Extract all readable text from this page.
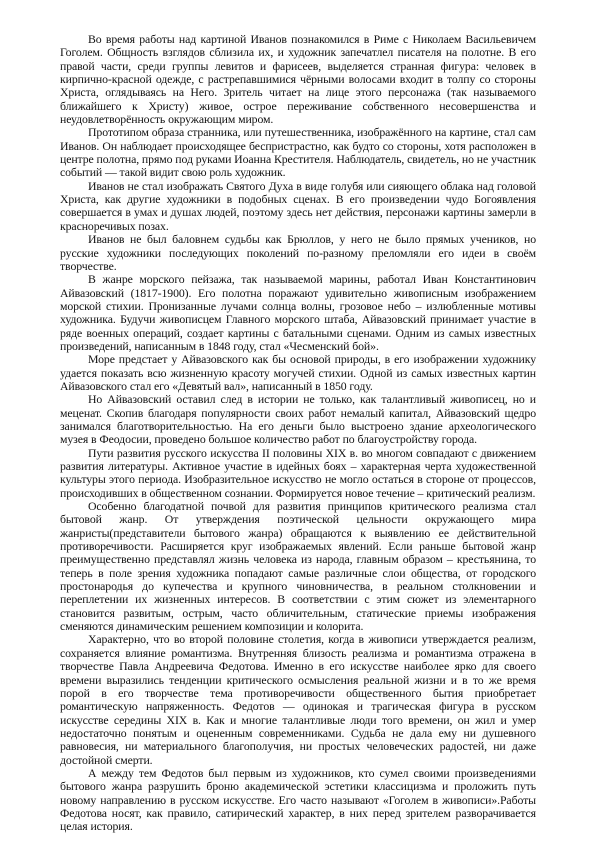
Во время работы над картиной Иванов познакомился в Риме с Николаем Васильевичем Гоголем. Общность взглядов сблизила их, и художник запечатлел писателя на полотне. В его правой части, среди группы левитов и фарисеев, выделяется странная фигура: человек в кирпично-красной одежде, с растрепавшимися чёрными волосами входит в толпу со стороны Христа, оглядываясь на Него. Зритель читает на лице этого персонажа (так называемого ближайшего к Христу) живое, острое переживание собственного несовершенства и неудовлетворённость окружающим миром.

Прототипом образа странника, или путешественника, изображённого на картине, стал сам Иванов. Он наблюдает происходящее беспристрастно, как будто со стороны, хотя расположен в центре полотна, прямо под руками Иоанна Крестителя. Наблюдатель, свидетель, но не участник событий — такой видит свою роль художник.

Иванов не стал изображать Святого Духа в виде голубя или сияющего облака над головой Христа, как другие художники в подобных сценах. В его произведении чудо Богоявления совершается в умах и душах людей, поэтому здесь нет действия, персонажи картины замерли в красноречивых позах.

Иванов не был баловнем судьбы как Брюллов, у него не было прямых учеников, но русские художники последующих поколений по-разному преломляли его идеи в своём творчестве.

В жанре морского пейзажа, так называемой марины, работал Иван Константинович Айвазовский (1817-1900). Его полотна поражают удивительно живописным изображением морской стихии. Пронизанные лучами солнца волны, грозовое небо – излюбленные мотивы художника. Будучи живописцем Главного морского штаба, Айвазовский принимает участие в ряде военных операций, создает картины с батальными сценами. Одним из самых известных произведений, написанным в 1848 году, стал «Чесменский бой».

Море предстает у Айвазовского как бы основой природы, в его изображении художнику удается показать всю жизненную красоту могучей стихии. Одной из самых известных картин Айвазовского стал его «Девятый вал», написанный в 1850 году.

Но Айвазовский оставил след в истории не только, как талантливый живописец, но и меценат. Скопив благодаря популярности своих работ немалый капитал, Айвазовский щедро занимался благотворительностью. На его деньги было выстроено здание археологического музея в Феодосии, проведено большое количество работ по благоустройству города.

Пути развития русского искусства II половины XIX в. во многом совпадают с движением развития литературы. Активное участие в идейных боях – характерная черта художественной культуры этого периода. Изобразительное искусство не могло остаться в стороне от процессов, происходивших в общественном сознании. Формируется новое течение – критический реализм.

Особенно благодатной почвой для развития принципов критического реализма стал бытовой жанр. От утверждения поэтической цельности окружающего мира жанристы(представители бытового жанра) обращаются к выявлению ее действительной противоречивости. Расширяется круг изображаемых явлений. Если раньше бытовой жанр преимущественно представлял жизнь человека из народа, главным образом – крестьянина, то теперь в поле зрения художника попадают самые различные слои общества, от городского простонародья до купечества и крупного чиновничества, в реальном столкновении и переплетении их жизненных интересов. В соответствии с этим сюжет из элементарного становится развитым, острым, часто обличительным, статические приемы изображения сменяются динамическим решением композиции и колорита.

Характерно, что во второй половине столетия, когда в живописи утверждается реализм, сохраняется влияние романтизма. Внутренняя близость реализма и романтизма отражена в творчестве Павла Андреевича Федотова. Именно в его искусстве наиболее ярко для своего времени выразились тенденции критического осмысления реальной жизни и в то же время порой в его творчестве тема противоречивости общественного бытия приобретает романтическую напряженность. Федотов — одинокая и трагическая фигура в русском искусстве середины XIX в. Как и многие талантливые люди того времени, он жил и умер недостаточно понятым и оцененным современниками. Судьба не дала ему ни душевного равновесия, ни материального благополучия, ни простых человеческих радостей, ни даже достойной смерти.

А между тем Федотов был первым из художников, кто сумел своими произведениями бытового жанра разрушить броню академической эстетики классицизма и проложить путь новому направлению в русском искусстве. Его часто называют «Гоголем в живописи».Работы Федотова носят, как правило, сатирический характер, в них перед зрителем разворачивается целая история.
